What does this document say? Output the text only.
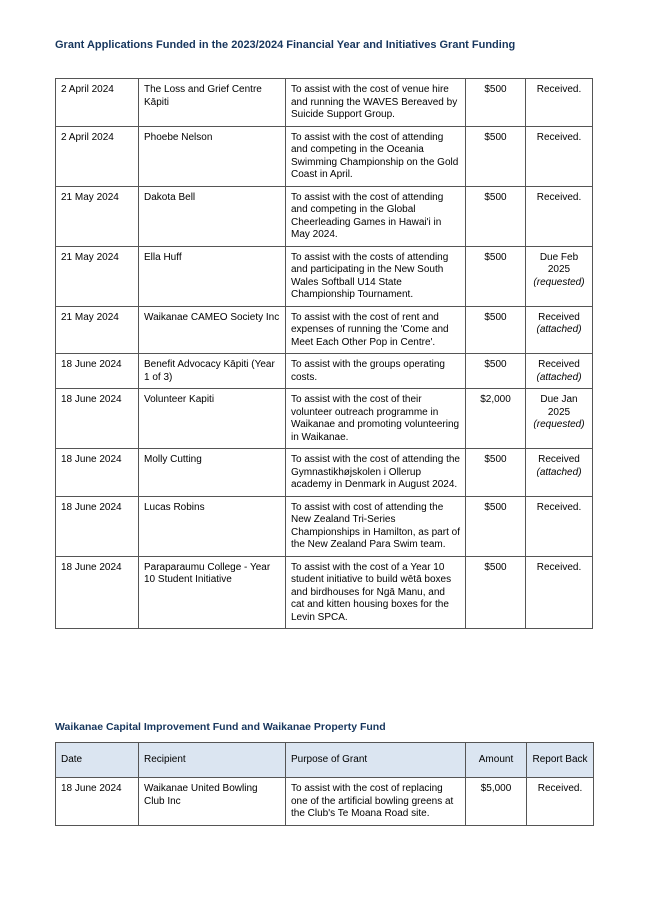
Grant Applications Funded in the 2023/2024 Financial Year and Initiatives Grant Funding
2 April 2024	The Loss and Grief Centre Kāpiti	To assist with the cost of venue hire and running the WAVES Bereaved by Suicide Support Group.	$500	Received.

2 April 2024	Phoebe Nelson	To assist with the cost of attending and competing in the Oceania Swimming Championship on the Gold Coast in April.	$500	Received.

21 May 2024	Dakota Bell	To assist with the cost of attending and competing in the Global Cheerleading Games in Hawai'i in May 2024.	$500	Received.

21 May 2024	Ella Huff	To assist with the costs of attending and participating in the New South Wales Softball U14 State Championship Tournament.	$500	Due Feb 2025
( requested )

21 May 2024	Waikanae CAMEO Society Inc	To assist with the cost of rent and expenses of running the 'Come and Meet Each Other Pop in Centre'.	$500	Received
( attached )

18 June 2024	Benefit Advocacy Kāpiti (Year 1 of 3)	To assist with the groups operating costs.	$500	Received
( attached )

18 June 2024	Volunteer Kapiti	To assist with the cost of their volunteer outreach programme in Waikanae and promoting volunteering in Waikanae.	$2,000	Due Jan 2025
( requested )

18 June 2024	Molly Cutting	To assist with the cost of attending the Gymnastikhøjskolen i Ollerup academy in Denmark in August 2024.	$500	Received
( attached )

18 June 2024	Lucas Robins	To assist with cost of attending the New Zealand Tri-Series Championships in Hamilton, as part of the New Zealand Para Swim team.	$500	Received.

18 June 2024	Paraparaumu College - Year 10 Student Initiative	To assist with the cost of a Year 10 student initiative to build wētā boxes and birdhouses for Ngā Manu, and cat and kitten housing boxes for the Levin SPCA.	$500	Received.
Waikanae Capital Improvement Fund and Waikanae Property Fund
Date	Recipient	Purpose of Grant	Amount	Report Back
18 June 2024	Waikanae United Bowling Club Inc	To assist with the cost of replacing one of the artificial bowling greens at the Club's Te Moana Road site.	$5,000	Received.
